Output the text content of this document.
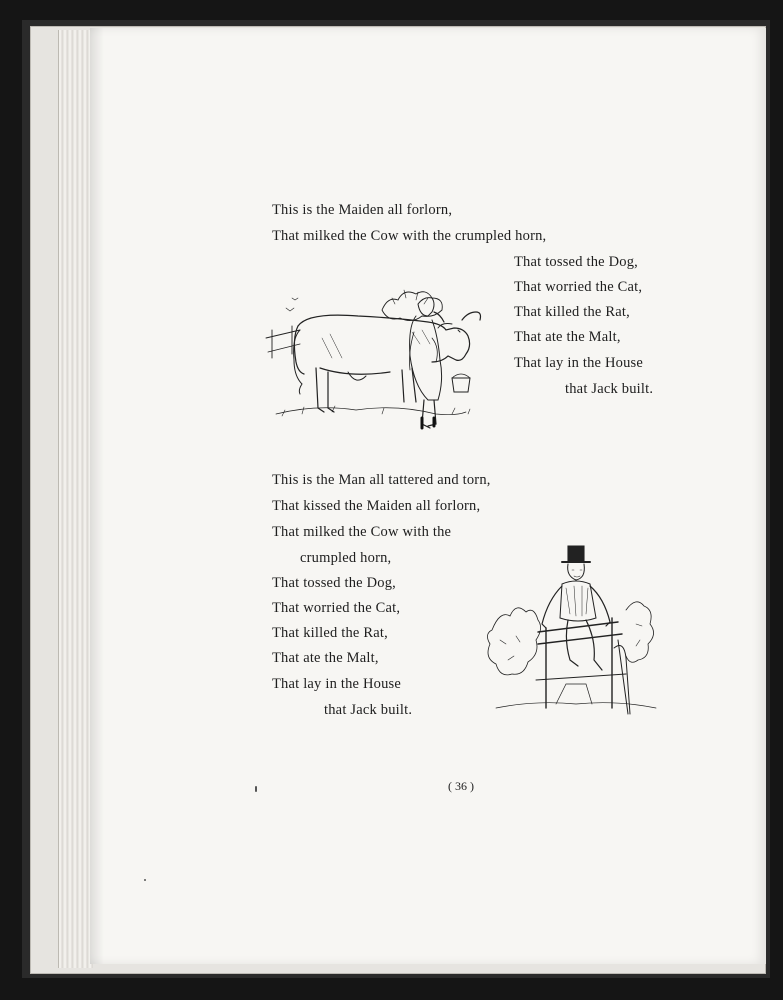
This is the Maiden all forlorn,
That milked the Cow with the crumpled horn,
That tossed the Dog,
That worried the Cat,
That killed the Rat,
That ate the Malt,
That lay in the House
that Jack built.
This is the Man all tattered and torn,
That kissed the Maiden all forlorn,
That milked the Cow with the
crumpled horn,
That tossed the Dog,
That worried the Cat,
That killed the Rat,
That ate the Malt,
That lay in the House
that Jack built.
( 36 )
